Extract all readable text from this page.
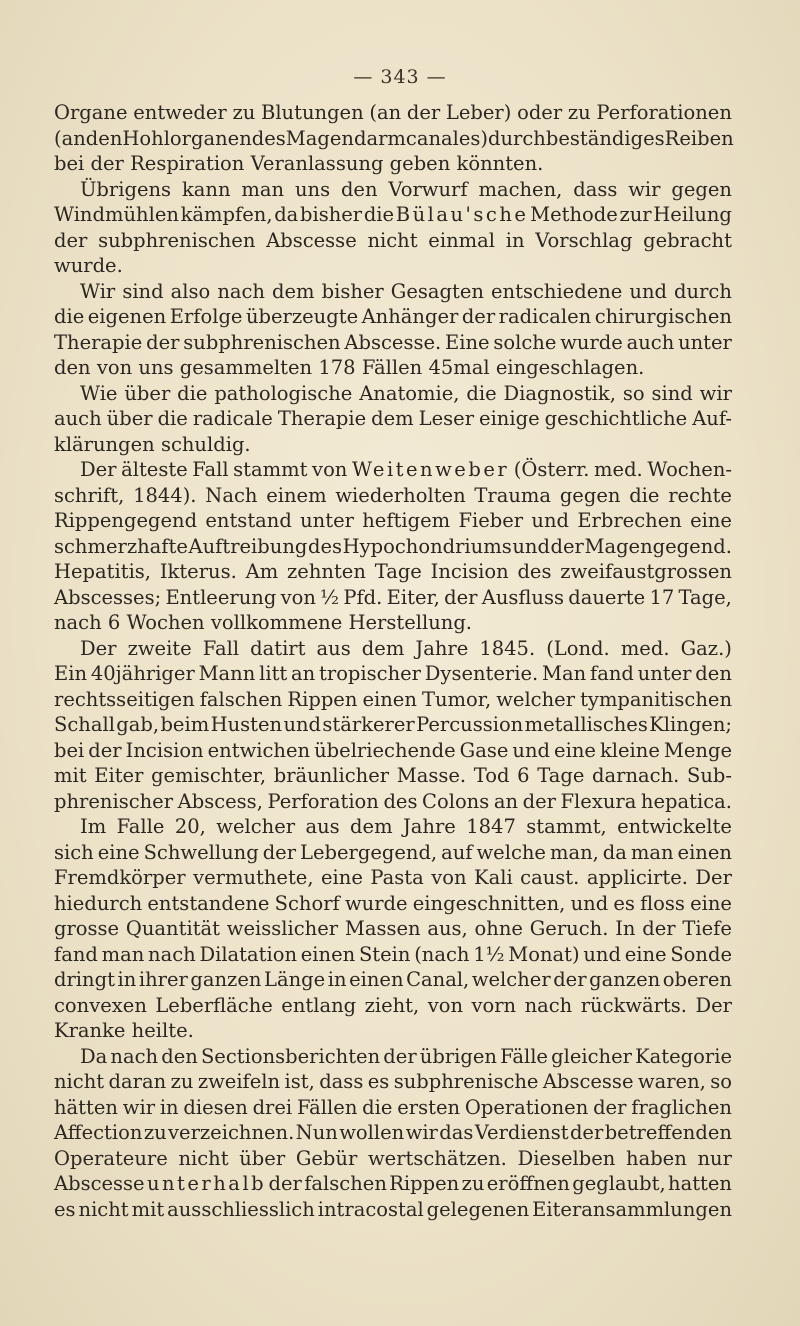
— 343 —
Organe entweder zu Blutungen (an der Leber) oder zu Perforationen
(an den Hohlorganen des Magendarmcanales) durch beständiges Reiben
bei der Respiration Veranlassung geben könnten.
Übrigens kann man uns den Vorwurf machen, dass wir gegen
Windmühlen kämpfen, da bisher die Bülau'sche Methode zur Heilung
der subphrenischen Abscesse nicht einmal in Vorschlag gebracht
wurde.
Wir sind also nach dem bisher Gesagten entschiedene und durch
die eigenen Erfolge überzeugte Anhänger der radicalen chirurgischen
Therapie der subphrenischen Abscesse. Eine solche wurde auch unter
den von uns gesammelten 178 Fällen 45mal eingeschlagen.
Wie über die pathologische Anatomie, die Diagnostik, so sind wir
auch über die radicale Therapie dem Leser einige geschichtliche Auf-
klärungen schuldig.
Der älteste Fall stammt von Weitenweber (Österr. med. Wochen-
schrift, 1844). Nach einem wiederholten Trauma gegen die rechte
Rippengegend entstand unter heftigem Fieber und Erbrechen eine
schmerzhafte Auftreibung des Hypochondriums und der Magengegend.
Hepatitis, Ikterus. Am zehnten Tage Incision des zweifaustgrossen
Abscesses; Entleerung von ½ Pfd. Eiter, der Ausfluss dauerte 17 Tage,
nach 6 Wochen vollkommene Herstellung.
Der zweite Fall datirt aus dem Jahre 1845. (Lond. med. Gaz.)
Ein 40jähriger Mann litt an tropischer Dysenterie. Man fand unter den
rechtsseitigen falschen Rippen einen Tumor, welcher tympanitischen
Schall gab, beim Husten und stärkerer Percussion metallisches Klingen;
bei der Incision entwichen übelriechende Gase und eine kleine Menge
mit Eiter gemischter, bräunlicher Masse. Tod 6 Tage darnach. Sub-
phrenischer Abscess, Perforation des Colons an der Flexura hepatica.
Im Falle 20, welcher aus dem Jahre 1847 stammt, entwickelte
sich eine Schwellung der Lebergegend, auf welche man, da man einen
Fremdkörper vermuthete, eine Pasta von Kali caust. applicirte. Der
hiedurch entstandene Schorf wurde eingeschnitten, und es floss eine
grosse Quantität weisslicher Massen aus, ohne Geruch. In der Tiefe
fand man nach Dilatation einen Stein (nach 1½ Monat) und eine Sonde
dringt in ihrer ganzen Länge in einen Canal, welcher der ganzen oberen
convexen Leberfläche entlang zieht, von vorn nach rückwärts. Der
Kranke heilte.
Da nach den Sectionsberichten der übrigen Fälle gleicher Kategorie
nicht daran zu zweifeln ist, dass es subphrenische Abscesse waren, so
hätten wir in diesen drei Fällen die ersten Operationen der fraglichen
Affection zu verzeichnen. Nun wollen wir das Verdienst der betreffenden
Operateure nicht über Gebür wertschätzen. Dieselben haben nur
Abscesse unterhalb der falschen Rippen zu eröffnen geglaubt, hatten
es nicht mit ausschliesslich intracostal gelegenen Eiteransammlungen
